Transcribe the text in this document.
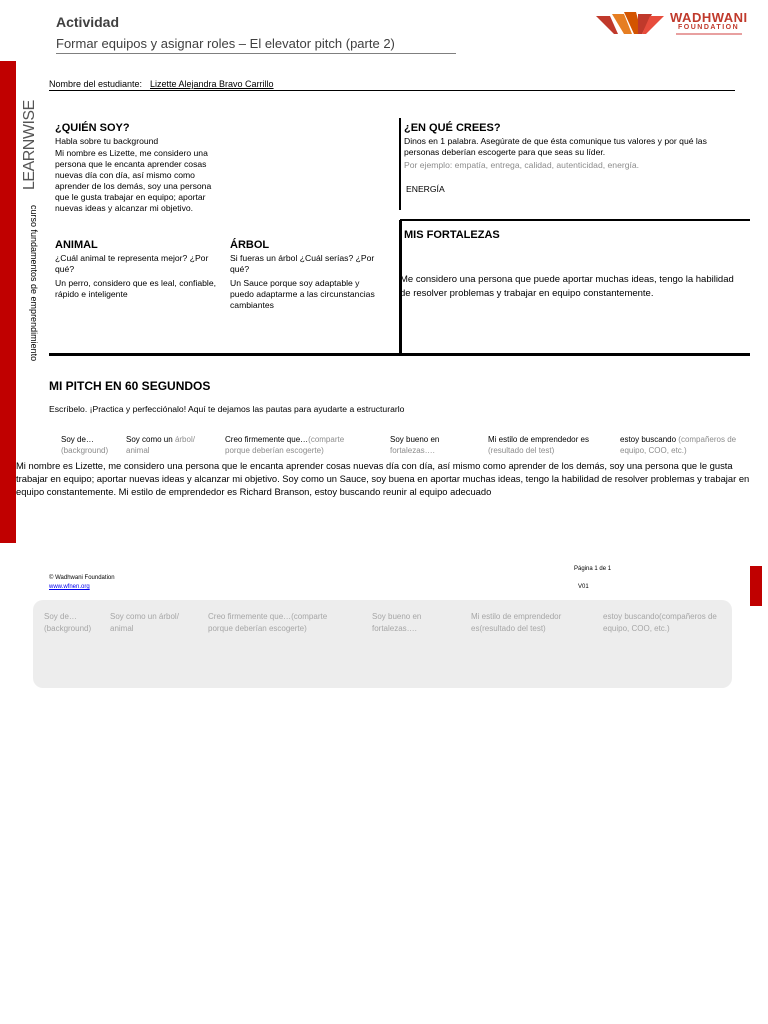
Actividad
Formar equipos y asignar roles – El elevator pitch (parte 2)
WADHWANI
FOUNDATION
LEARNWISE
curso fundamentos de emprendimiento
Nombre del estudiante: Lizette Alejandra Bravo Carrillo
¿QUIÉN SOY?
Habla sobre tu background
Mi nombre es Lizette, me considero una persona que le encanta aprender cosas nuevas día con día, así mismo como aprender de los demás, soy una persona que le gusta trabajar en equipo; aportar nuevas ideas y alcanzar mi objetivo.
¿EN QUÉ CREES?
Dinos en 1 palabra. Asegúrate de que ésta comunique tus valores y por qué las personas deberían escogerte para que seas su líder.
Por ejemplo: empatía, entrega, calidad, autenticidad, energía.
ENERGÍA
ANIMAL
¿Cuál animal te representa mejor? ¿Por qué?
Un perro, considero que es leal, confiable, rápido e inteligente
ÁRBOL
Si fueras un árbol ¿Cuál serías? ¿Por qué?
Un Sauce porque soy adaptable y puedo adaptarme a las circunstancias cambiantes
MIS FORTALEZAS
Me considero una persona que puede aportar muchas ideas, tengo la habilidad de resolver problemas y trabajar en equipo constantemente.
MI PITCH EN 60 SEGUNDOS
Escríbelo. ¡Practica y perfecciónalo! Aquí te dejamos las pautas para ayudarte a estructurarlo
Soy de…
(background)
Soy como un árbol/ animal
Creo firmemente que…(comparte porque deberían escogerte)
Soy bueno en
fortalezas….
Mi estilo de emprendedor es (resultado del test)
estoy buscando (compañeros de equipo, COO, etc.)
Mi nombre es Lizette, me considero una persona que le encanta aprender cosas nuevas día con día, así mismo como aprender de los demás, soy una persona que le gusta trabajar en equipo; aportar nuevas ideas y alcanzar mi objetivo. Soy como un Sauce, soy buena en aportar muchas ideas, tengo la habilidad de resolver problemas y trabajar en equipo constantemente. Mi estilo de emprendedor es Richard Branson, estoy buscando reunir al equipo adecuado
© Wadhwani Foundation
www.wfnen.org
Página 1 de 1
V01
Soy de… (background)
Soy como un árbol/ animal
Creo firmemente que…(comparte porque deberían escogerte)
Soy bueno en fortalezas….
Mi estilo de emprendedor es(resultado del test)
estoy buscando(compañeros de equipo, COO, etc.)
